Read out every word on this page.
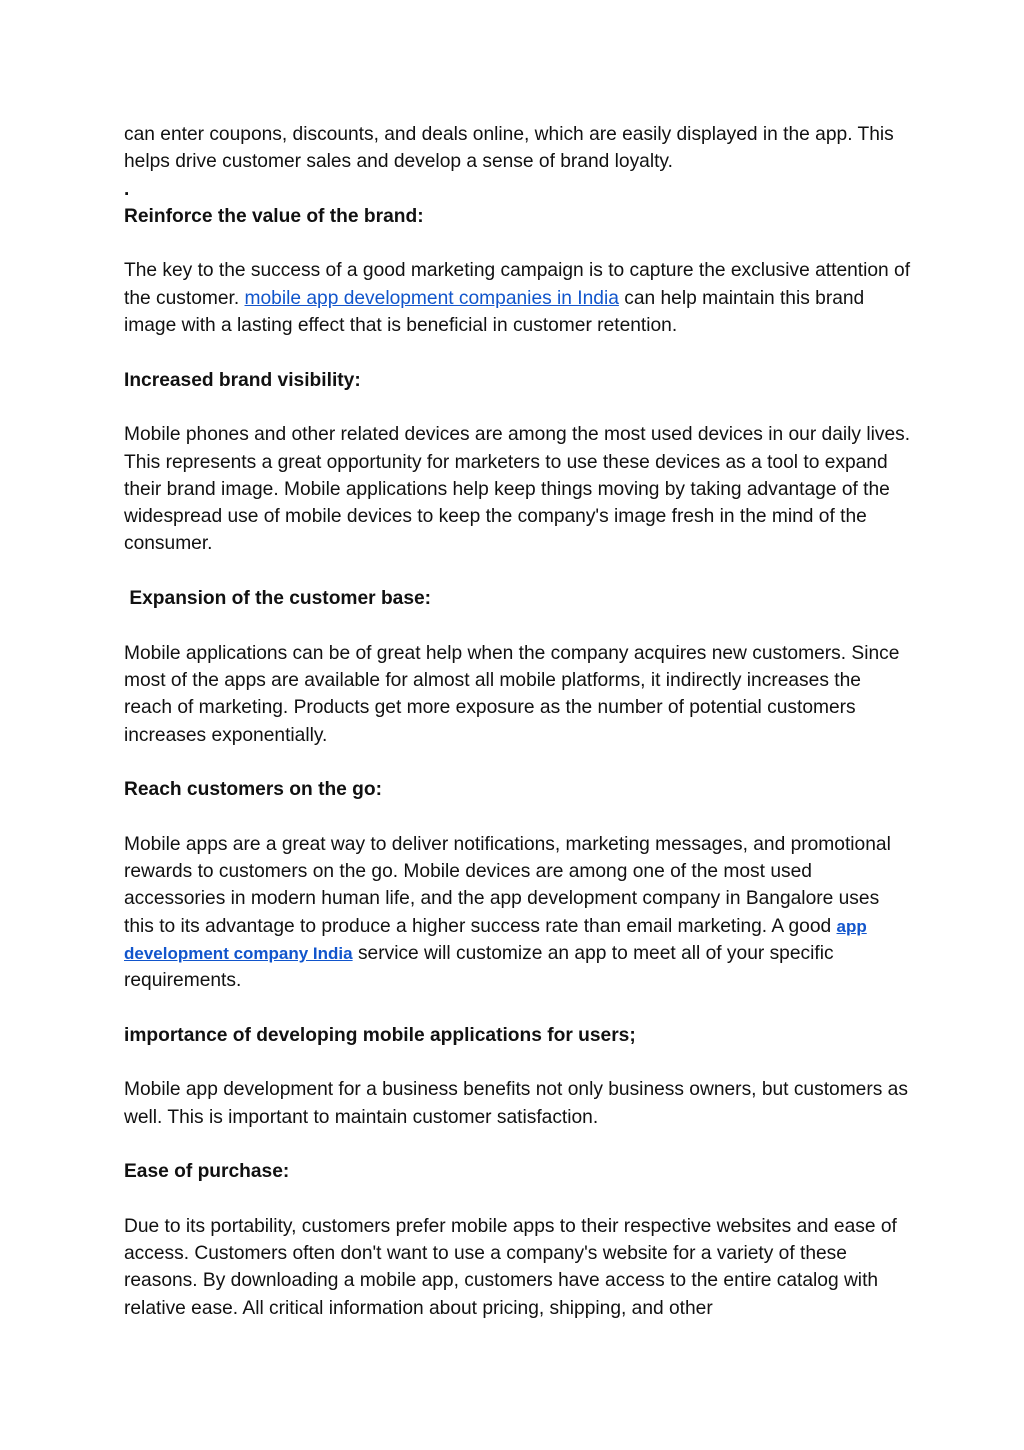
can enter coupons, discounts, and deals online, which are easily displayed in the app. This helps drive customer sales and develop a sense of brand loyalty.

.

Reinforce the value of the brand:

The key to the success of a good marketing campaign is to capture the exclusive attention of the customer. mobile app development companies in India can help maintain this brand image with a lasting effect that is beneficial in customer retention.

Increased brand visibility:

Mobile phones and other related devices are among the most used devices in our daily lives. This represents a great opportunity for marketers to use these devices as a tool to expand their brand image. Mobile applications help keep things moving by taking advantage of the widespread use of mobile devices to keep the company's image fresh in the mind of the consumer.

Expansion of the customer base:

Mobile applications can be of great help when the company acquires new customers. Since most of the apps are available for almost all mobile platforms, it indirectly increases the reach of marketing. Products get more exposure as the number of potential customers increases exponentially.

Reach customers on the go:

Mobile apps are a great way to deliver notifications, marketing messages, and promotional rewards to customers on the go. Mobile devices are among one of the most used accessories in modern human life, and the app development company in Bangalore uses this to its advantage to produce a higher success rate than email marketing. A good app development company India service will customize an app to meet all of your specific requirements.

importance of developing mobile applications for users;

Mobile app development for a business benefits not only business owners, but customers as well. This is important to maintain customer satisfaction.

Ease of purchase:

Due to its portability, customers prefer mobile apps to their respective websites and ease of access. Customers often don't want to use a company's website for a variety of these reasons. By downloading a mobile app, customers have access to the entire catalog with relative ease. All critical information about pricing, shipping, and other
